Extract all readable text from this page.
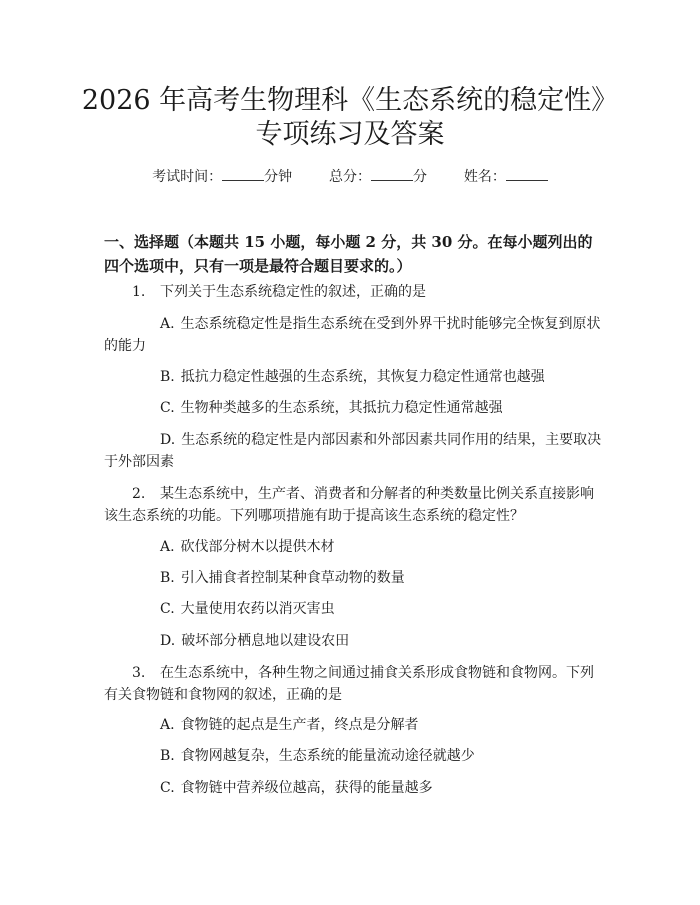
2026 年高考生物理科《生态系统的稳定性》
专项练习及答案
考试时间：	分钟	总分：	分	姓名：
一、选择题（本题共 15 小题，每小题 2 分，共 30 分。在每小题列出的四个选项中，只有一项是最符合题目要求的。）
1. 下列关于生态系统稳定性的叙述，正确的是
A. 生态系统稳定性是指生态系统在受到外界干扰时能够完全恢复到原状的能力
B. 抵抗力稳定性越强的生态系统，其恢复力稳定性通常也越强
C. 生物种类越多的生态系统，其抵抗力稳定性通常越强
D. 生态系统的稳定性是内部因素和外部因素共同作用的结果，主要取决于外部因素
2. 某生态系统中，生产者、消费者和分解者的种类数量比例关系直接影响该生态系统的功能。下列哪项措施有助于提高该生态系统的稳定性？
A. 砍伐部分树木以提供木材
B. 引入捕食者控制某种食草动物的数量
C. 大量使用农药以消灭害虫
D. 破坏部分栖息地以建设农田
3. 在生态系统中，各种生物之间通过捕食关系形成食物链和食物网。下列有关食物链和食物网的叙述，正确的是
A. 食物链的起点是生产者，终点是分解者
B. 食物网越复杂，生态系统的能量流动途径就越少
C. 食物链中营养级位越高，获得的能量越多
